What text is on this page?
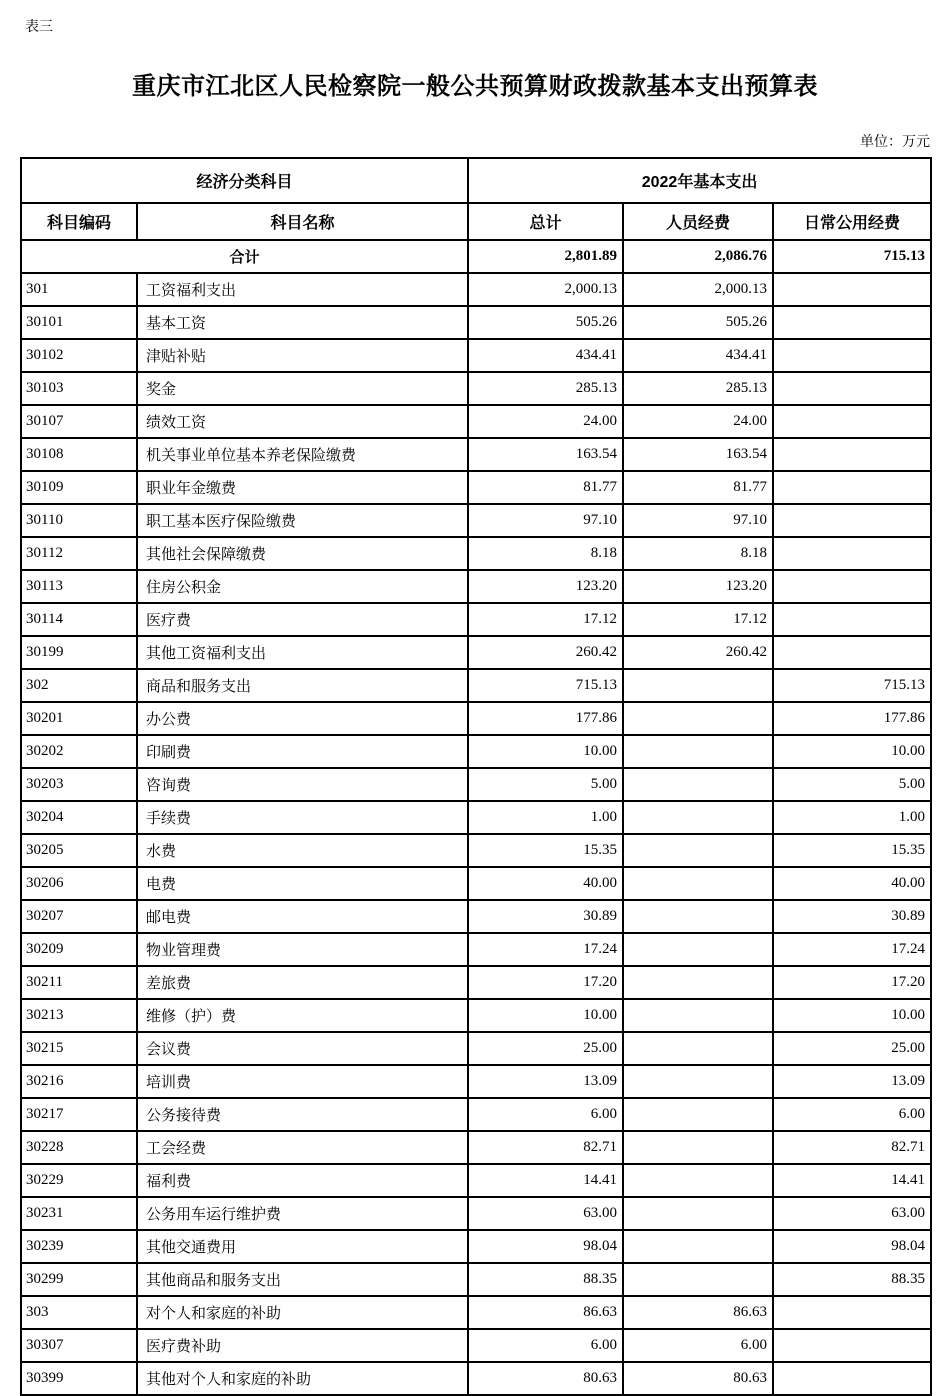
表三
重庆市江北区人民检察院一般公共预算财政拨款基本支出预算表
单位：万元
经济分类科目		2022年基本支出		
科目编码	科目名称	总计	人员经费	日常公用经费
合计		2,801.89	2,086.76	715.13
301	工资福利支出	2,000.13	2,000.13	
30101	基本工资	505.26	505.26	
30102	津贴补贴	434.41	434.41	
30103	奖金	285.13	285.13	
30107	绩效工资	24.00	24.00	
30108	机关事业单位基本养老保险缴费	163.54	163.54	
30109	职业年金缴费	81.77	81.77	
30110	职工基本医疗保险缴费	97.10	97.10	
30112	其他社会保障缴费	8.18	8.18	
30113	住房公积金	123.20	123.20	
30114	医疗费	17.12	17.12	
30199	其他工资福利支出	260.42	260.42	
302	商品和服务支出	715.13		715.13
30201	办公费	177.86		177.86
30202	印刷费	10.00		10.00
30203	咨询费	5.00		5.00
30204	手续费	1.00		1.00
30205	水费	15.35		15.35
30206	电费	40.00		40.00
30207	邮电费	30.89		30.89
30209	物业管理费	17.24		17.24
30211	差旅费	17.20		17.20
30213	维修（护）费	10.00		10.00
30215	会议费	25.00		25.00
30216	培训费	13.09		13.09
30217	公务接待费	6.00		6.00
30228	工会经费	82.71		82.71
30229	福利费	14.41		14.41
30231	公务用车运行维护费	63.00		63.00
30239	其他交通费用	98.04		98.04
30299	其他商品和服务支出	88.35		88.35
303	对个人和家庭的补助	86.63	86.63	
30307	医疗费补助	6.00	6.00	
30399	其他对个人和家庭的补助	80.63	80.63	
